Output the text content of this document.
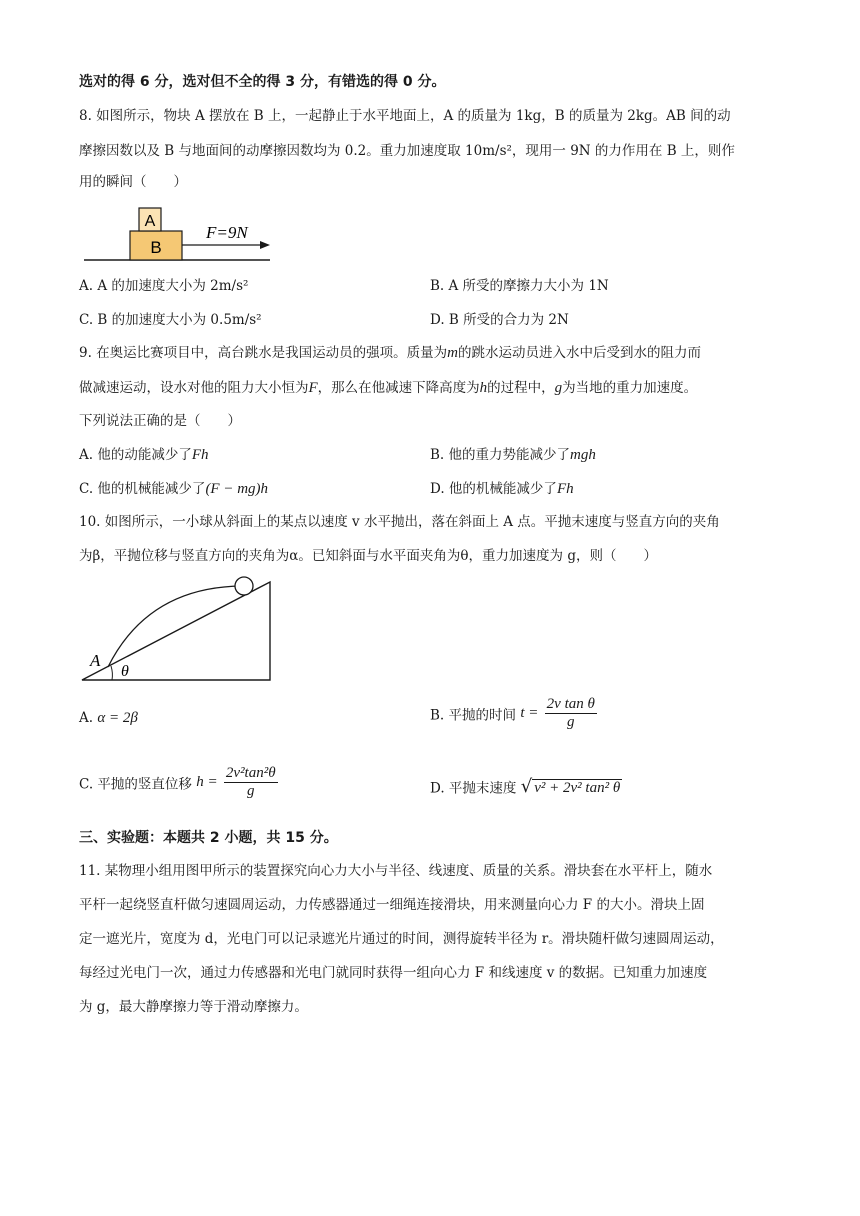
选对的得 6 分，选对但不全的得 3 分，有错选的得 0 分。
8. 如图所示，物块 A 摆放在 B 上，一起静止于水平地面上，A 的质量为 1kg，B 的质量为 2kg。AB 间的动
摩擦因数以及 B 与地面间的动摩擦因数均为 0.2。重力加速度取 10m/s²，现用一 9N 的力作用在 B 上，则作
用的瞬间（　　）
A
B
F=9N
A. A 的加速度大小为 2m/s²	B. A 所受的摩擦力大小为 1N
C. B 的加速度大小为 0.5m/s²	D. B 所受的合力为 2N
9. 在奥运比赛项目中，高台跳水是我国运动员的强项。质量为m的跳水运动员进入水中后受到水的阻力而
做减速运动，设水对他的阻力大小恒为F，那么在他减速下降高度为h的过程中，g为当地的重力加速度。
下列说法正确的是（　　）
A. 他的动能减少了Fh	B. 他的重力势能减少了mgh
C. 他的机械能减少了(F − mg)h	D. 他的机械能减少了Fh
10. 如图所示，一小球从斜面上的某点以速度 v 水平抛出，落在斜面上 A 点。平抛末速度与竖直方向的夹角
为β，平抛位移与竖直方向的夹角为α。已知斜面与水平面夹角为θ，重力加速度为 g，则（　　）
A
θ
A. α = 2β	B. 平抛的时间 $t = \frac{\text{2v tan θ}}{g}$
C. 平抛的竖直位移 $h = \frac{\text{2v²tan²θ}}{g}$	D. 平抛末速度 √ v² + 2v² tan² θ
三、实验题：本题共 2 小题，共 15 分。
11. 某物理小组用图甲所示的装置探究向心力大小与半径、线速度、质量的关系。滑块套在水平杆上，随水
平杆一起绕竖直杆做匀速圆周运动，力传感器通过一细绳连接滑块，用来测量向心力 F 的大小。滑块上固
定一遮光片，宽度为 d，光电门可以记录遮光片通过的时间，测得旋转半径为 r。滑块随杆做匀速圆周运动，
每经过光电门一次，通过力传感器和光电门就同时获得一组向心力 F 和线速度 v 的数据。已知重力加速度
为 g，最大静摩擦力等于滑动摩擦力。
